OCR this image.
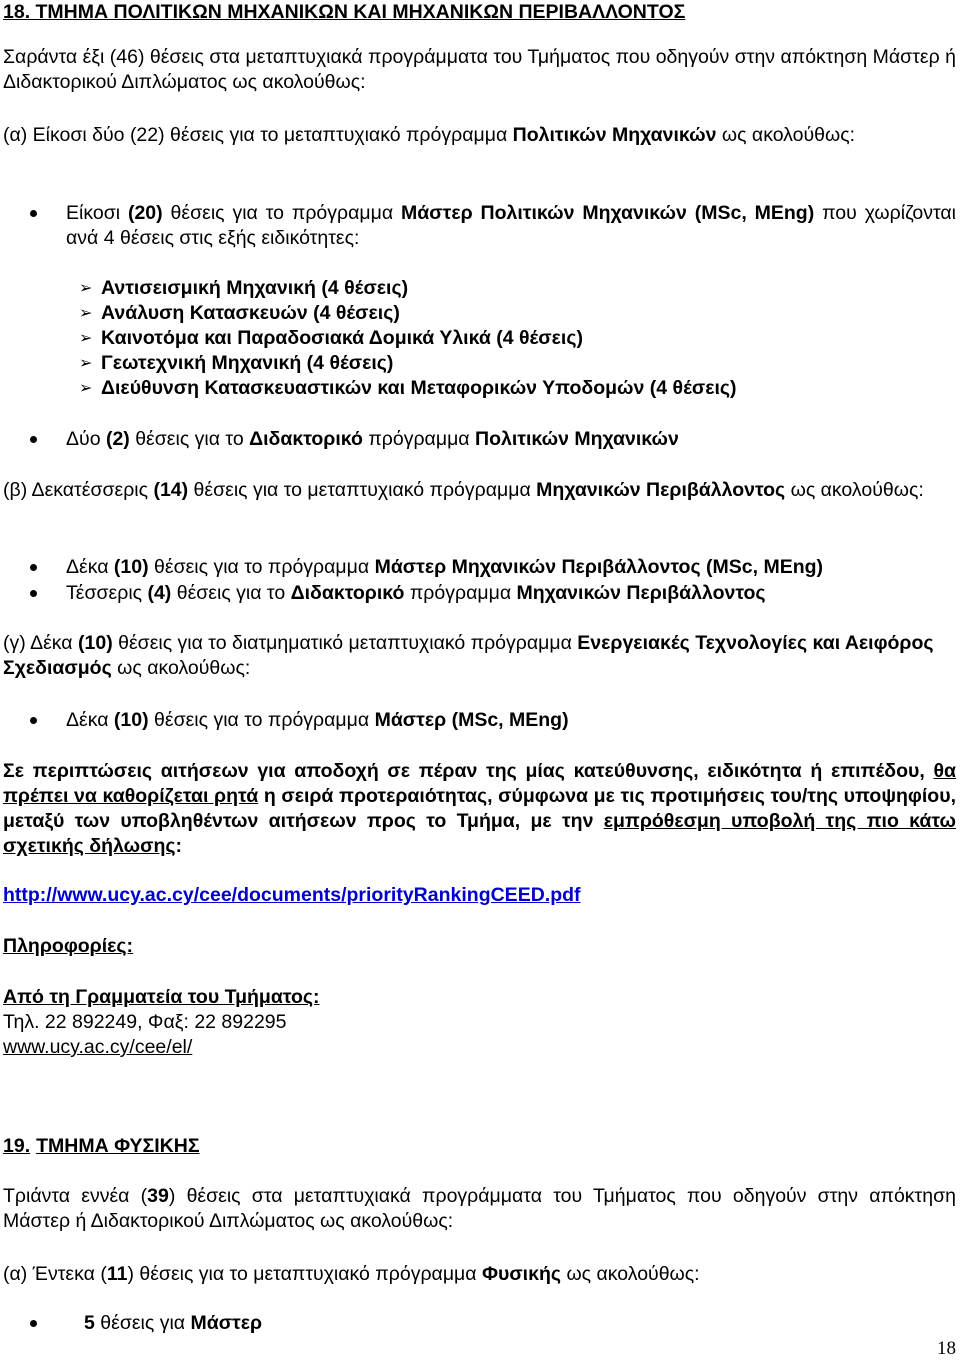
18. ΤΜΗΜΑ ΠΟΛΙΤΙΚΩΝ ΜΗΧΑΝΙΚΩΝ ΚΑΙ ΜΗΧΑΝΙΚΩΝ ΠΕΡΙΒΑΛΛΟΝΤΟΣ

Σαράντα έξι (46) θέσεις στα μεταπτυχιακά προγράμματα του Τμήματος που οδηγούν στην απόκτηση Μάστερ ή Διδακτορικού Διπλώματος ως ακολούθως:

(α) Είκοσι δύο (22) θέσεις για το μεταπτυχιακό πρόγραμμα Πολιτικών Μηχανικών ως ακολούθως:

Είκοσι (20) θέσεις για το πρόγραμμα Μάστερ Πολιτικών Μηχανικών (MSc, MEng) που χωρίζονται ανά 4 θέσεις στις εξής ειδικότητες:
➢ Αντισεισμική Μηχανική (4 θέσεις)
➢ Ανάλυση Κατασκευών (4 θέσεις)
➢ Καινοτόμα και Παραδοσιακά Δομικά Υλικά (4 θέσεις)
➢ Γεωτεχνική Μηχανική (4 θέσεις)
➢ Διεύθυνση Κατασκευαστικών και Μεταφορικών Υποδομών (4 θέσεις)
Δύο (2) θέσεις για το Διδακτορικό πρόγραμμα Πολιτικών Μηχανικών

(β) Δεκατέσσερις (14) θέσεις για το μεταπτυχιακό πρόγραμμα Μηχανικών Περιβάλλοντος ως ακολούθως:

Δέκα (10) θέσεις για το πρόγραμμα Μάστερ Μηχανικών Περιβάλλοντος (MSc, MEng)
Τέσσερις (4) θέσεις για το Διδακτορικό πρόγραμμα Μηχανικών Περιβάλλοντος

(γ) Δέκα (10) θέσεις για το διατμηματικό μεταπτυχιακό πρόγραμμα Ενεργειακές Τεχνολογίες και Αειφόρος Σχεδιασμός ως ακολούθως:

Δέκα (10) θέσεις για το πρόγραμμα Μάστερ (MSc, MEng)

Σε περιπτώσεις αιτήσεων για αποδοχή σε πέραν της μίας κατεύθυνσης, ειδικότητα ή επιπέδου, θα πρέπει να καθορίζεται ρητά η σειρά προτεραιότητας, σύμφωνα με τις προτιμήσεις του/της υποψηφίου, μεταξύ των υποβληθέντων αιτήσεων προς το Τμήμα, με την εμπρόθεσμη υποβολή της πιο κάτω σχετικής δήλωσης:

http://www.ucy.ac.cy/cee/documents/priorityRankingCEED.pdf

Πληροφορίες:

Από τη Γραμματεία του Τμήματος:

Τηλ. 22 892249, Φαξ: 22 892295

www.ucy.ac.cy/cee/el/

19. ΤΜΗΜΑ ΦΥΣΙΚΗΣ

Τριάντα εννέα (39) θέσεις στα μεταπτυχιακά προγράμματα του Τμήματος που οδηγούν στην απόκτηση Μάστερ ή Διδακτορικού Διπλώματος ως ακολούθως:

(α) Έντεκα (11) θέσεις για το μεταπτυχιακό πρόγραμμα Φυσικής ως ακολούθως:

5 θέσεις για Μάστερ
18
